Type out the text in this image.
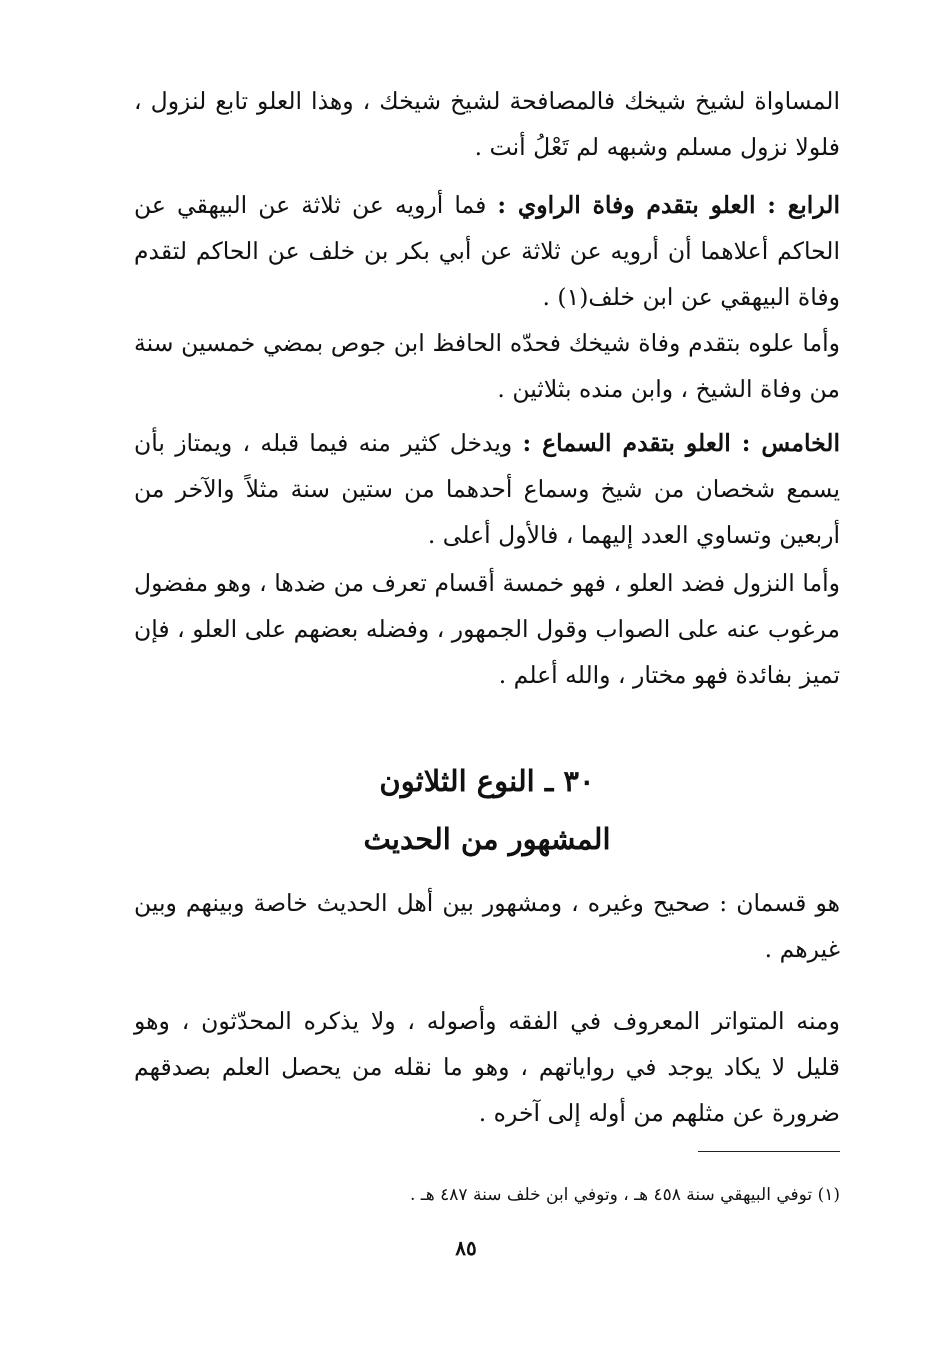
المساواة لشيخ شيخك فالمصافحة لشيخ شيخك ، وهذا العلو تابع لنزول ، فلولا نزول مسلم وشبهه لم تَعْلُ أنت .

الرابع : العلو بتقدم وفاة الراوي : فما أرويه عن ثلاثة عن البيهقي عن الحاكم أعلاهما أن أرويه عن ثلاثة عن أبي بكر بن خلف عن الحاكم لتقدم وفاة البيهقي عن ابن خلف(١) .

وأما علوه بتقدم وفاة شيخك فحدّه الحافظ ابن جوص بمضي خمسين سنة من وفاة الشيخ ، وابن منده بثلاثين .

الخامس : العلو بتقدم السماع : ويدخل كثير منه فيما قبله ، ويمتاز بأن يسمع شخصان من شيخ وسماع أحدهما من ستين سنة مثلاً والآخر من أربعين وتساوي العدد إليهما ، فالأول أعلى .

وأما النزول فضد العلو ، فهو خمسة أقسام تعرف من ضدها ، وهو مفضول مرغوب عنه على الصواب وقول الجمهور ، وفضله بعضهم على العلو ، فإن تميز بفائدة فهو مختار ، والله أعلم .

٣٠ ـ النوع الثلاثون
المشهور من الحديث

هو قسمان : صحيح وغيره ، ومشهور بين أهل الحديث خاصة وبينهم وبين غيرهم .

ومنه المتواتر المعروف في الفقه وأصوله ، ولا يذكره المحدّثون ، وهو قليل لا يكاد يوجد في رواياتهم ، وهو ما نقله من يحصل العلم بصدقهم ضرورة عن مثلهم من أوله إلى آخره .

(١) توفي البيهقي سنة ٤٥٨ هـ ، وتوفي ابن خلف سنة ٤٨٧ هـ .

٨٥
